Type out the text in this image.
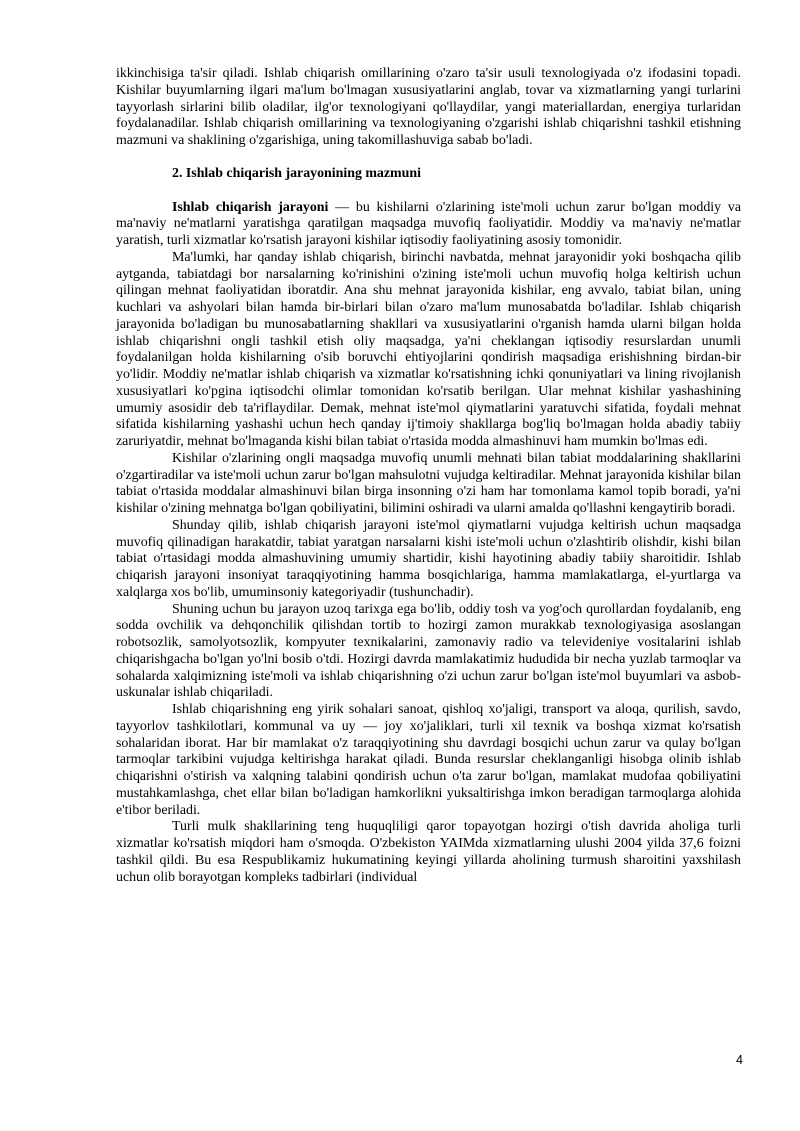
ikkinchisiga ta'sir qiladi. Ishlab chiqarish omillarining o'zaro ta'sir usuli texnologiyada o'z ifodasini topadi. Kishilar buyumlarning ilgari ma'lum bo'lmagan xususiyatlarini anglab, tovar va xizmatlarning yangi turlarini tayyorlash sirlarini bilib oladilar, ilg'or texnologiyani qo'llaydilar, yangi materiallardan, energiya turlaridan foydalanadilar. Ishlab chiqarish omillarining va texnologiyaning o'zgarishi ishlab chiqarishni tashkil etishning mazmuni va shaklining o'zgarishiga, uning takomillashuviga sabab bo'ladi.

2. Ishlab chiqarish jarayonining mazmuni

Ishlab chiqarish jarayoni — bu kishilarni o'zlarining iste'moli uchun zarur bo'lgan moddiy va ma'naviy ne'matlarni yaratishga qaratilgan maqsadga muvofiq faoliyatidir. Moddiy va ma'naviy ne'matlar yaratish, turli xizmatlar ko'rsatish jarayoni kishilar iqtisodiy faoliyatining asosiy tomonidir.

Ma'lumki, har qanday ishlab chiqarish, birinchi navbatda, mehnat jarayonidir yoki boshqacha qilib aytganda, tabiatdagi bor narsalarning ko'rinishini o'zining iste'moli uchun muvofiq holga keltirish uchun qilingan mehnat faoliyatidan iboratdir. Ana shu mehnat jarayonida kishilar, eng avvalo, tabiat bilan, uning kuchlari va ashyolari bilan hamda bir-birlari bilan o'zaro ma'lum munosabatda bo'ladilar. Ishlab chiqarish jarayonida bo'ladigan bu munosabatlarning shakllari va xususiyatlarini o'rganish hamda ularni bilgan holda ishlab chiqarishni ongli tashkil etish oliy maqsadga, ya'ni cheklangan iqtisodiy resurslardan unumli foydalanilgan holda kishilarning o'sib boruvchi ehtiyojlarini qondirish maqsadiga erishishning birdan-bir yo'lidir. Moddiy ne'matlar ishlab chiqarish va xizmatlar ko'rsatishning ichki qonuniyatlari va lining rivojlanish xususiyatlari ko'pgina iqtisodchi olimlar tomonidan ko'rsatib berilgan. Ular mehnat kishilar yashashining umumiy asosidir deb ta'riflaydilar. Demak, mehnat iste'mol qiymatlarini yaratuvchi sifatida, foydali mehnat sifatida kishilarning yashashi uchun hech qanday ij'timoiy shakllarga bog'liq bo'lmagan holda abadiy tabiiy zaruriyatdir, mehnat bo'lmaganda kishi bilan tabiat o'rtasida modda almashinuvi ham mumkin bo'lmas edi.

Kishilar o'zlarining ongli maqsadga muvofiq unumli mehnati bilan tabiat moddalarining shakllarini o'zgartiradilar va iste'moli uchun zarur bo'lgan mahsulotni vujudga keltiradilar. Mehnat jarayonida kishilar bilan tabiat o'rtasida moddalar almashinuvi bilan birga insonning o'zi ham har tomonlama kamol topib boradi, ya'ni kishilar o'zining mehnatga bo'lgan qobiliyatini, bilimini oshiradi va ularni amalda qo'llashni kengaytirib boradi.

Shunday qilib, ishlab chiqarish jarayoni iste'mol qiymatlarni vujudga keltirish uchun maqsadga muvofiq qilinadigan harakatdir, tabiat yaratgan narsalarni kishi iste'moli uchun o'zlashtirib olishdir, kishi bilan tabiat o'rtasidagi modda almashuvining umumiy shartidir, kishi hayotining abadiy tabiiy sharoitidir. Ishlab chiqarish jarayoni insoniyat taraqqiyotining hamma bosqichlariga, hamma mamlakatlarga, el-yurtlarga va xalqlarga xos bo'lib, umuminsoniy kategoriyadir (tushunchadir).

Shuning uchun bu jarayon uzoq tarixga ega bo'lib, oddiy tosh va yog'och qurollardan foydalanib, eng sodda ovchilik va dehqonchilik qilishdan tortib to hozirgi zamon murakkab texnologiyasiga asoslangan robotsozlik, samolyotsozlik, kompyuter texnikalarini, zamonaviy radio va televideniye vositalarini ishlab chiqarishgacha bo'lgan yo'lni bosib o'tdi. Hozirgi davrda mamlakatimiz hududida bir necha yuzlab tarmoqlar va sohalarda xalqimizning iste'moli va ishlab chiqarishning o'zi uchun zarur bo'lgan iste'mol buyumlari va asbob-uskunalar ishlab chiqariladi.

Ishlab chiqarishning eng yirik sohalari sanoat, qishloq xo'jaligi, transport va aloqa, qurilish, savdo, tayyorlov tashkilotlari, kommunal va uy — joy xo'jaliklari, turli xil texnik va boshqa xizmat ko'rsatish sohalaridan iborat. Har bir mamlakat o'z taraqqiyotining shu davrdagi bosqichi uchun zarur va qulay bo'lgan tarmoqlar tarkibini vujudga keltirishga harakat qiladi. Bunda resurslar cheklanganligi hisobga olinib ishlab chiqarishni o'stirish va xalqning talabini qondirish uchun o'ta zarur bo'lgan, mamlakat mudofaa qobiliyatini mustahkamlashga, chet ellar bilan bo'ladigan hamkorlikni yuksaltirishga imkon beradigan tarmoqlarga alohida e'tibor beriladi.

Turli mulk shakllarining teng huquqliligi qaror topayotgan hozirgi o'tish davrida aholiga turli xizmatlar ko'rsatish miqdori ham o'smoqda. O'zbekiston YAIMda xizmatlarning ulushi 2004 yilda 37,6 foizni tashkil qildi. Bu esa Respublikamiz hukumatining keyingi yillarda aholining turmush sharoitini yaxshilash uchun olib borayotgan kompleks tadbirlari (individual

4
